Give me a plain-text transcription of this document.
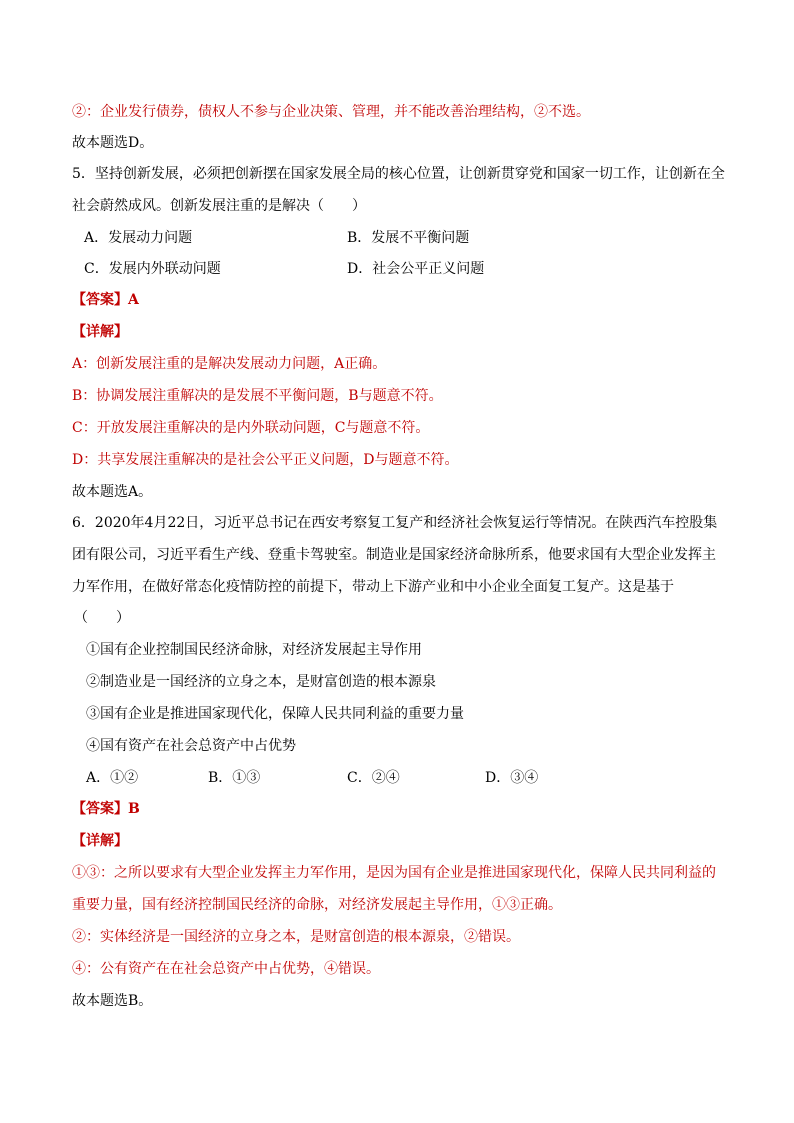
②：企业发行债券，债权人不参与企业决策、管理，并不能改善治理结构，②不选。
故本题选D。
5．坚持创新发展，必须把创新摆在国家发展全局的核心位置，让创新贯穿党和国家一切工作，让创新在全
社会蔚然成风。创新发展注重的是解决（　　）
A．发展动力问题	B．发展不平衡问题
C．发展内外联动问题	D．社会公平正义问题
【答案】A
【详解】
A：创新发展注重的是解决发展动力问题，A正确。
B：协调发展注重解决的是发展不平衡问题，B与题意不符。
C：开放发展注重解决的是内外联动问题，C与题意不符。
D：共享发展注重解决的是社会公平正义问题，D与题意不符。
故本题选A。
6．2020年4月22日，习近平总书记在西安考察复工复产和经济社会恢复运行等情况。在陕西汽车控股集
团有限公司，习近平看生产线、登重卡驾驶室。制造业是国家经济命脉所系，他要求国有大型企业发挥主
力军作用，在做好常态化疫情防控的前提下，带动上下游产业和中小企业全面复工复产。这是基于
（　　）
①国有企业控制国民经济命脉，对经济发展起主导作用
②制造业是一国经济的立身之本，是财富创造的根本源泉
③国有企业是推进国家现代化，保障人民共同利益的重要力量
④国有资产在社会总资产中占优势
A．①②	B．①③	C．②④	D．③④
【答案】B
【详解】
①③：之所以要求有大型企业发挥主力军作用，是因为国有企业是推进国家现代化，保障人民共同利益的
重要力量，国有经济控制国民经济的命脉，对经济发展起主导作用，①③正确。
②：实体经济是一国经济的立身之本，是财富创造的根本源泉，②错误。
④：公有资产在在社会总资产中占优势，④错误。
故本题选B。
